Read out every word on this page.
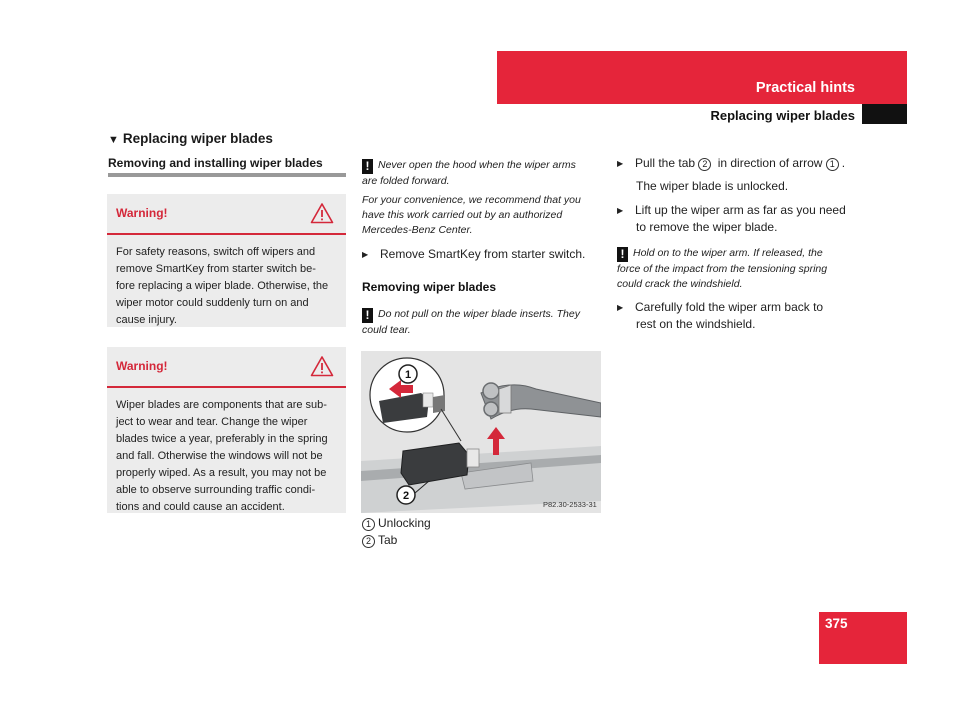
Practical hints
Replacing wiper blades
▼ Replacing wiper blades
Removing and installing wiper blades
Warning!
For safety reasons, switch off wipers and
remove SmartKey from starter switch be-
fore replacing a wiper blade. Otherwise, the
wiper motor could suddenly turn on and
cause injury.
Warning!
Wiper blades are components that are sub-
ject to wear and tear. Change the wiper
blades twice a year, preferably in the spring
and fall. Otherwise the windows will not be
properly wiped. As a result, you may not be
able to observe surrounding traffic condi-
tions and could cause an accident.
! Never open the hood when the wiper arms
are folded forward.
For your convenience, we recommend that you
have this work carried out by an authorized
Mercedes-Benz Center.
▶ Remove SmartKey from starter switch.
Removing wiper blades
! Do not pull on the wiper blade inserts. They
could tear.
1
2
P82.30-2533-31
1 Unlocking
2 Tab
▶ Pull the tab 2 in direction of arrow 1 .
The wiper blade is unlocked.
▶ Lift up the wiper arm as far as you need
to remove the wiper blade.
! Hold on to the wiper arm. If released, the
force of the impact from the tensioning spring
could crack the windshield.
▶ Carefully fold the wiper arm back to
rest on the windshield.
375
